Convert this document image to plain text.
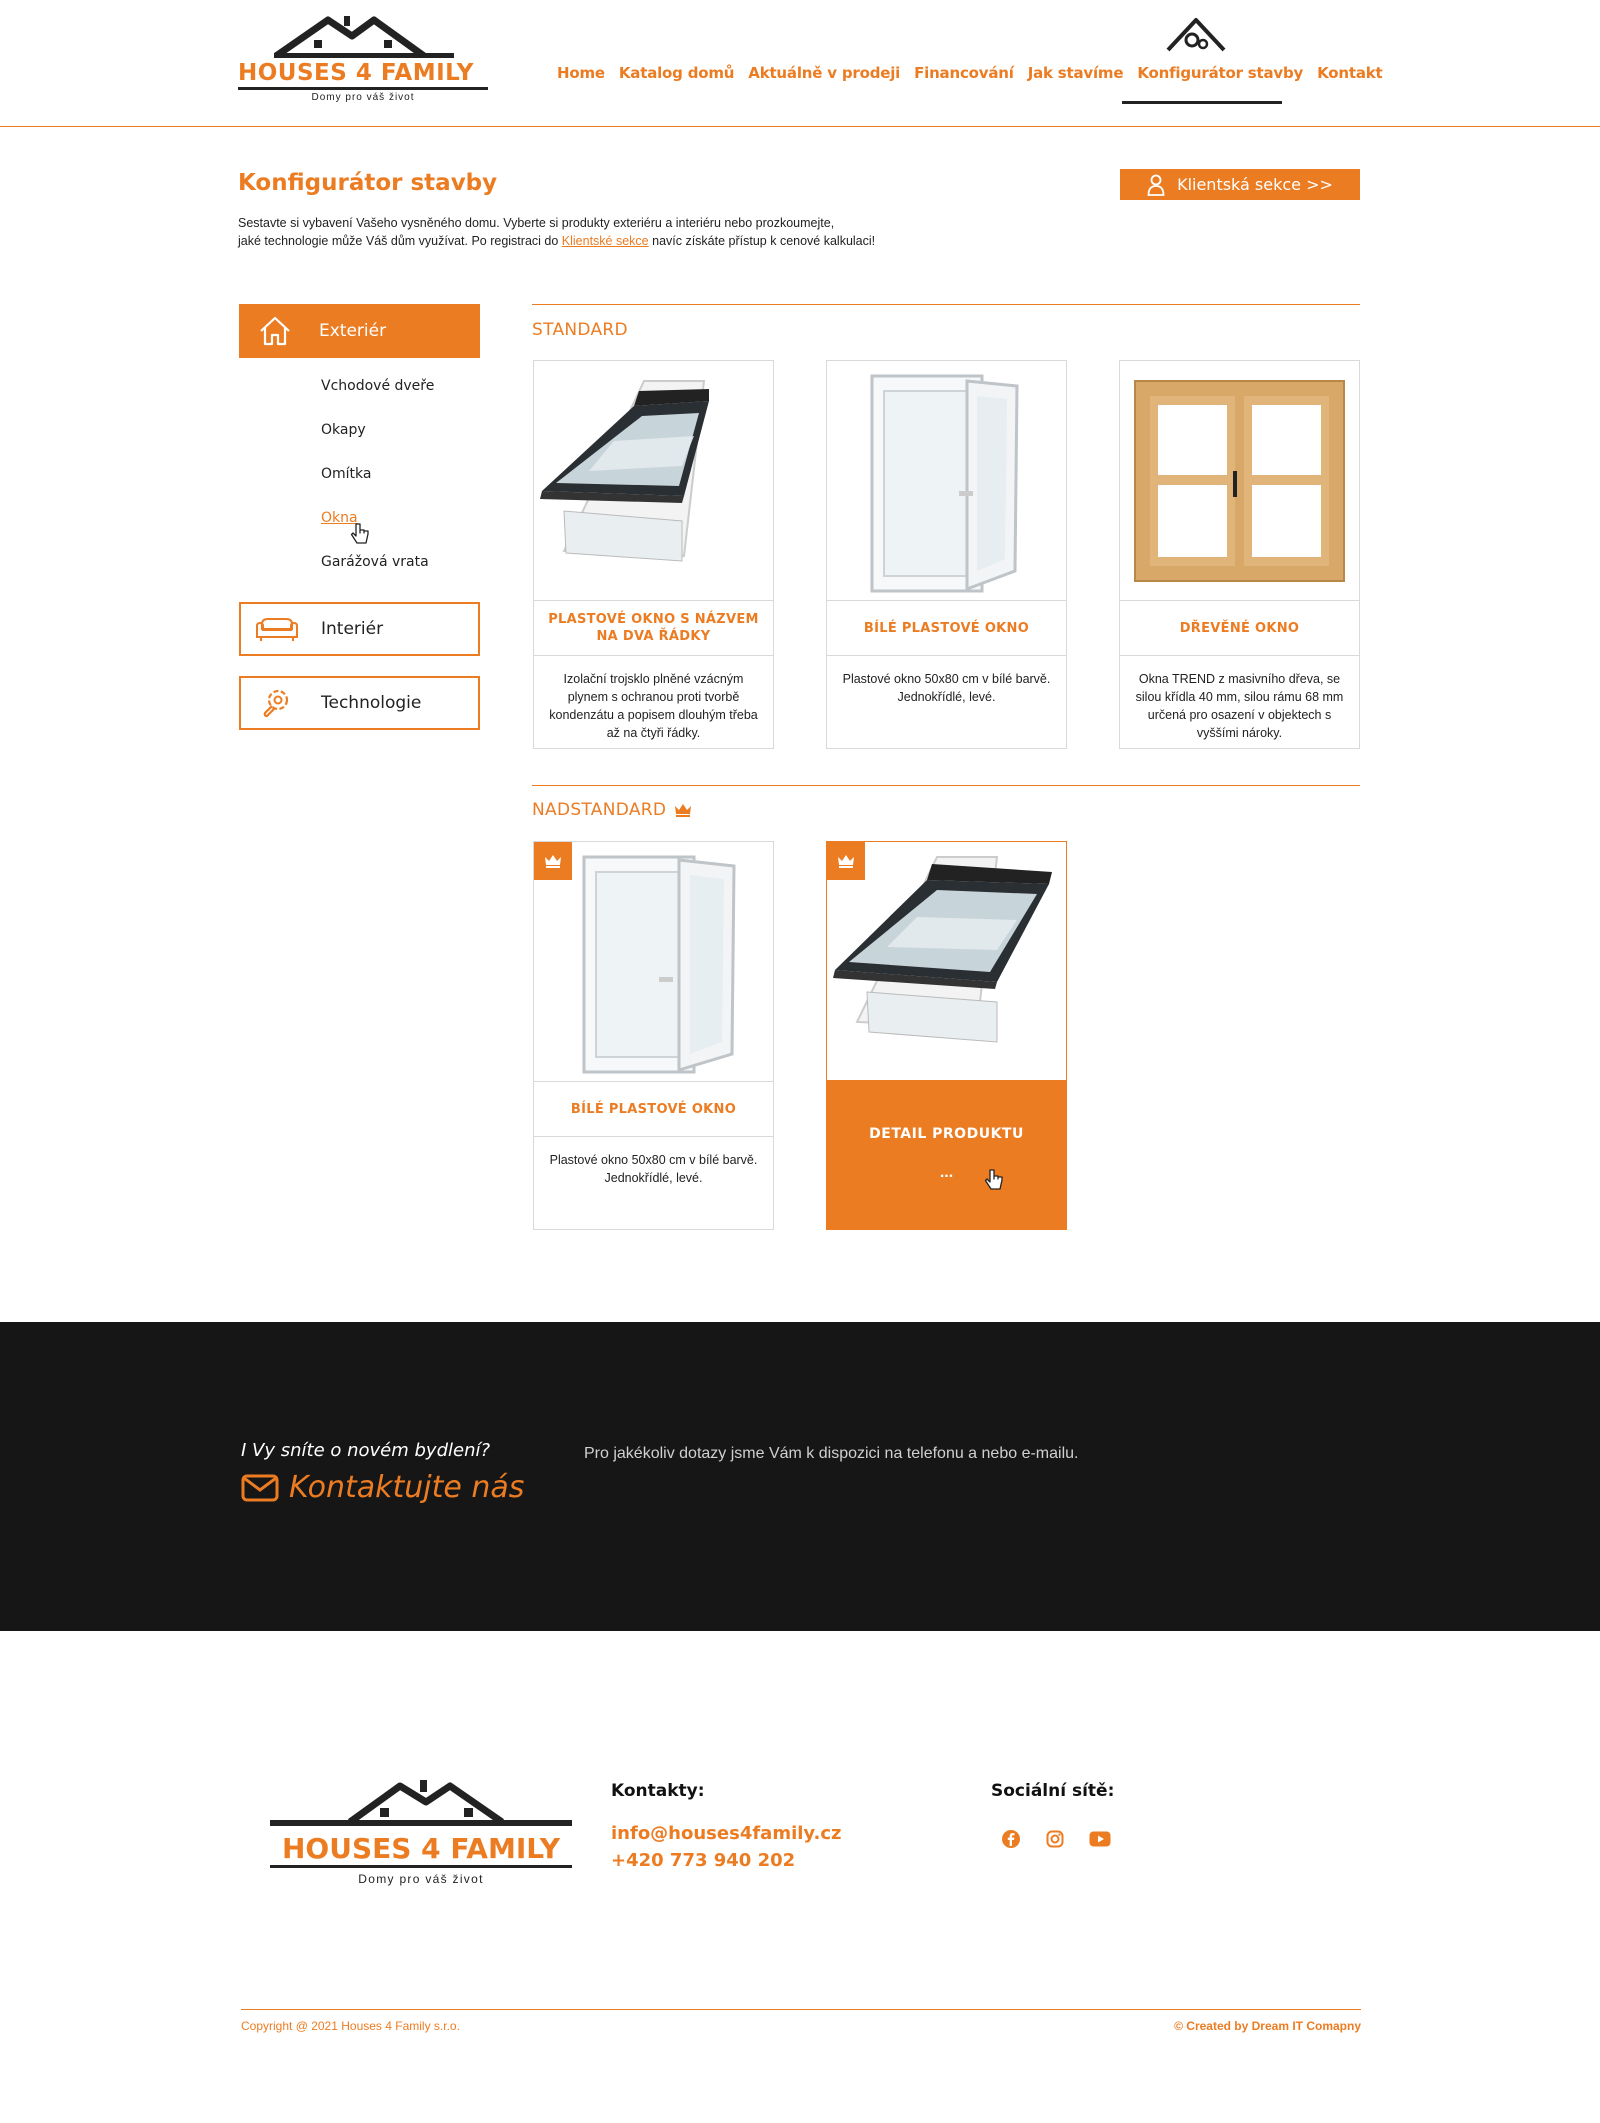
HOUSES 4 FAMILY
Domy pro váš život
Home Katalog domů Aktuálně v prodeji Financování Jak stavíme Konfigurátor stavby Kontakt
Konfigurátor stavby	Klientská sekce >>

Sestavte si vybavení Vašeho vysněného domu. Vyberte si produkty exteriéru a interiéru nebo prozkoumejte,
jaké technologie může Váš dům využívat. Po registraci do Klientské sekce navíc získáte přístup k cenové kalkulaci!

Exteriér
Vchodové dveře
Okapy
Omítka
Okna
Garážová vrata
Interiér
Technologie
STANDARD
PLASTOVÉ OKNO S NÁZVEM NA DVA ŘÁDKY
Izolační trojsklo plněné vzácným plynem s ochranou proti tvorbě kondenzátu a popisem dlouhým třeba až na čtyři řádky.
BÍLÉ PLASTOVÉ OKNO
Plastové okno 50x80 cm v bílé barvě. Jednokřídlé, levé.
DŘEVĚNÉ OKNO
Okna TREND z masivního dřeva, se silou křídla 40 mm, silou rámu 68 mm určená pro osazení v objektech s vyššími nároky.
NADSTANDARD
BÍLÉ PLASTOVÉ OKNO
Plastové okno 50x80 cm v bílé barvě. Jednokřídlé, levé.
DETAIL PRODUKTU
...
I Vy sníte o novém bydlení?
Kontaktujte nás
Pro jakékoliv dotazy jsme Vám k dispozici na telefonu a nebo e-mailu.
HOUSES 4 FAMILY
Domy pro váš život
Kontakty:
info@houses4family.cz
+420 773 940 202
Sociální sítě:
Copyright @ 2021 Houses 4 Family s.r.o.	© Created by Dream IT Comapny
